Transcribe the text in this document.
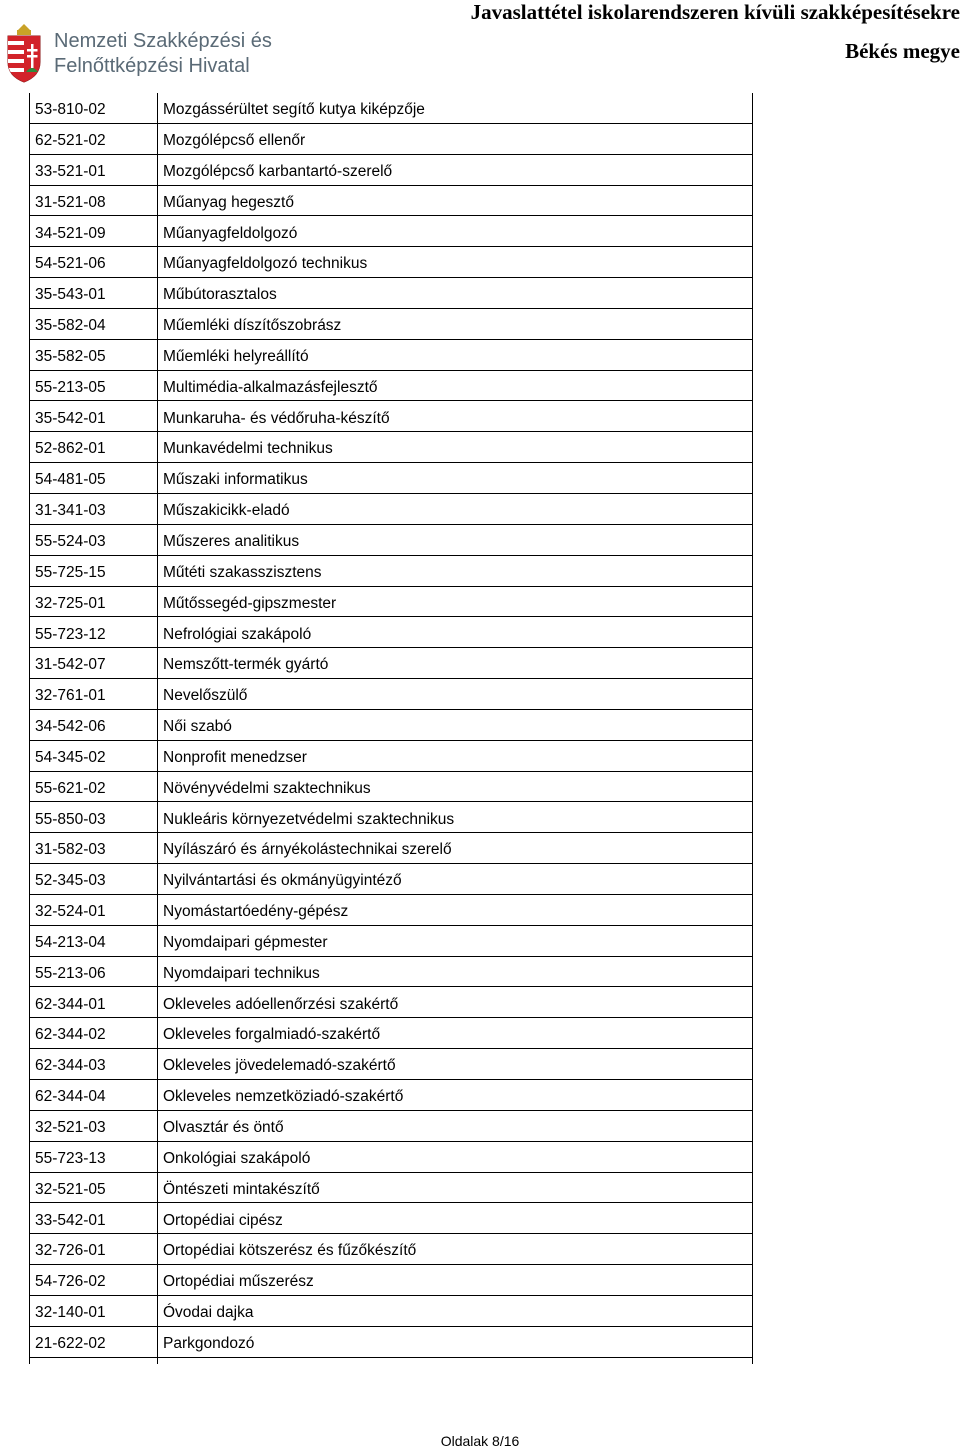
Nemzeti Szakképzési és
Felnőttképzési Hivatal
Javaslattétel iskolarendszeren kívüli szakképesítésekre
Békés megye
53-810-02	Mozgássérültet segítő kutya kiképzője
62-521-02	Mozgólépcső ellenőr
33-521-01	Mozgólépcső karbantartó-szerelő
31-521-08	Műanyag hegesztő
34-521-09	Műanyagfeldolgozó
54-521-06	Műanyagfeldolgozó technikus
35-543-01	Műbútorasztalos
35-582-04	Műemléki díszítőszobrász
35-582-05	Műemléki helyreállító
55-213-05	Multimédia-alkalmazásfejlesztő
35-542-01	Munkaruha- és védőruha-készítő
52-862-01	Munkavédelmi technikus
54-481-05	Műszaki informatikus
31-341-03	Műszakicikk-eladó
55-524-03	Műszeres analitikus
55-725-15	Műtéti szakasszisztens
32-725-01	Műtőssegéd-gipszmester
55-723-12	Nefrológiai szakápoló
31-542-07	Nemszőtt-termék gyártó
32-761-01	Nevelőszülő
34-542-06	Női szabó
54-345-02	Nonprofit menedzser
55-621-02	Növényvédelmi szaktechnikus
55-850-03	Nukleáris környezetvédelmi szaktechnikus
31-582-03	Nyílászáró és árnyékolástechnikai szerelő
52-345-03	Nyilvántartási és okmányügyintéző
32-524-01	Nyomástartóedény-gépész
54-213-04	Nyomdaipari gépmester
55-213-06	Nyomdaipari technikus
62-344-01	Okleveles adóellenőrzési szakértő
62-344-02	Okleveles forgalmiadó-szakértő
62-344-03	Okleveles jövedelemadó-szakértő
62-344-04	Okleveles nemzetköziadó-szakértő
32-521-03	Olvasztár és öntő
55-723-13	Onkológiai szakápoló
32-521-05	Öntészeti mintakészítő
33-542-01	Ortopédiai cipész
32-726-01	Ortopédiai kötszerész és fűzőkészítő
54-726-02	Ortopédiai műszerész
32-140-01	Óvodai dajka
21-622-02	Parkgondozó
Oldalak 8/16
